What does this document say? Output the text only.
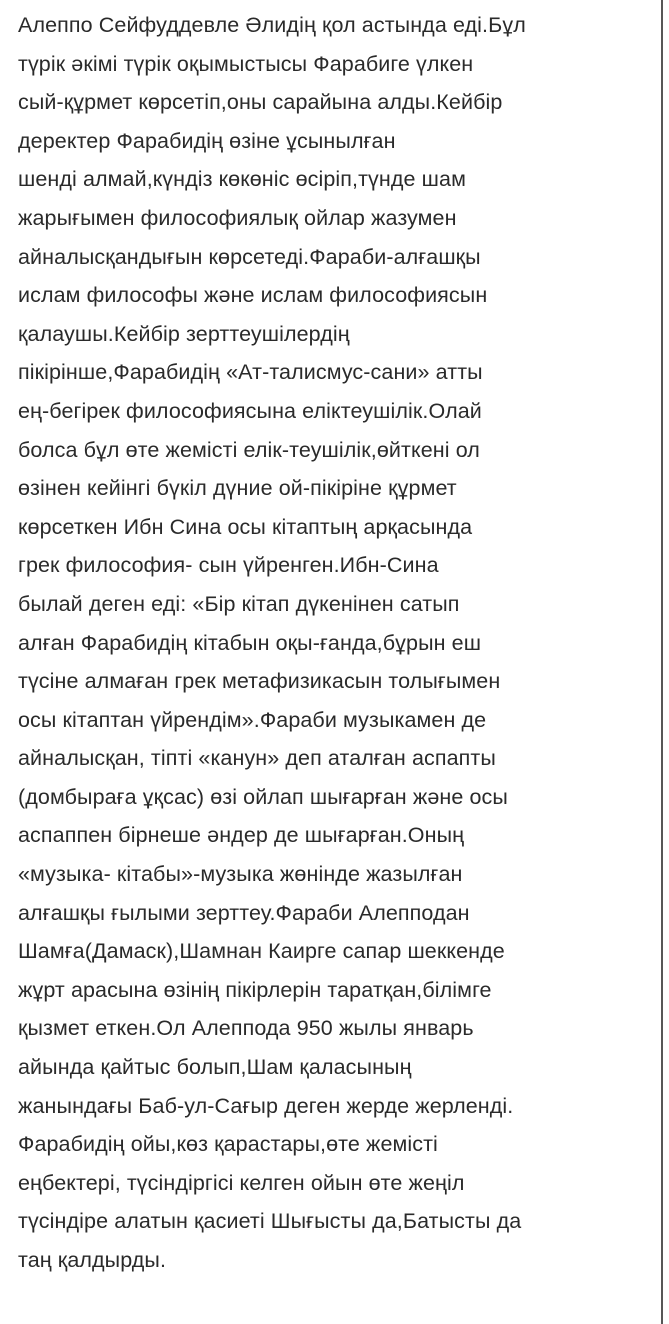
Алеппо Сейфуддевле Әлидің қол астында еді.Бұл
түрік әкімі түрік оқымыстысы Фарабиге үлкен
сый-құрмет көрсетіп,оны сарайына алды.Кейбір
деректер Фарабидің өзіне ұсынылған
шенді алмай,күндіз көкөніс өсіріп,түнде шам
жарығымен философиялық ойлар жазумен
айналысқандығын көрсетеді.Фараби-алғашқы
ислам философы және ислам философиясын
қалаушы.Кейбір зерттеушілердің
пікірінше,Фарабидің «Ат-талисмус-сани» атты
ең-бегірек философиясына еліктеушілік.Олай
болса бұл өте жемісті елік-теушілік,өйткені ол
өзінен кейінгі бүкіл дүние ой-пікіріне құрмет
көрсеткен Ибн Сина осы кітаптың арқасында
грек философия- сын үйренген.Ибн-Сина
былай деген еді: «Бір кітап дүкенінен сатып
алған Фарабидің кітабын оқы-ғанда,бұрын еш
түсіне алмаған грек метафизикасын толығымен
осы кітаптан үйрендім».Фараби музыкамен де
айналысқан, тіпті «канун» деп аталған аспапты
(домбыраға ұқсас) өзі ойлап шығарған және осы
аспаппен бірнеше әндер де шығарған.Оның
«музыка- кітабы»-музыка жөнінде жазылған
алғашқы ғылыми зерттеу.Фараби Алепподан
Шамға(Дамаск),Шамнан Каирге сапар шеккенде
жұрт арасына өзінің пікірлерін таратқан,білімге
қызмет еткен.Ол Алеппода 950 жылы январь
айында қайтыс болып,Шам қаласының
жанындағы Баб-ул-Сағыр деген жерде жерленді.
Фарабидің ойы,көз қарастары,өте жемісті
еңбектері, түсіндіргісі келген ойын өте жеңіл
түсіндіре алатын қасиеті Шығысты да,Батысты да
таң қалдырды.
